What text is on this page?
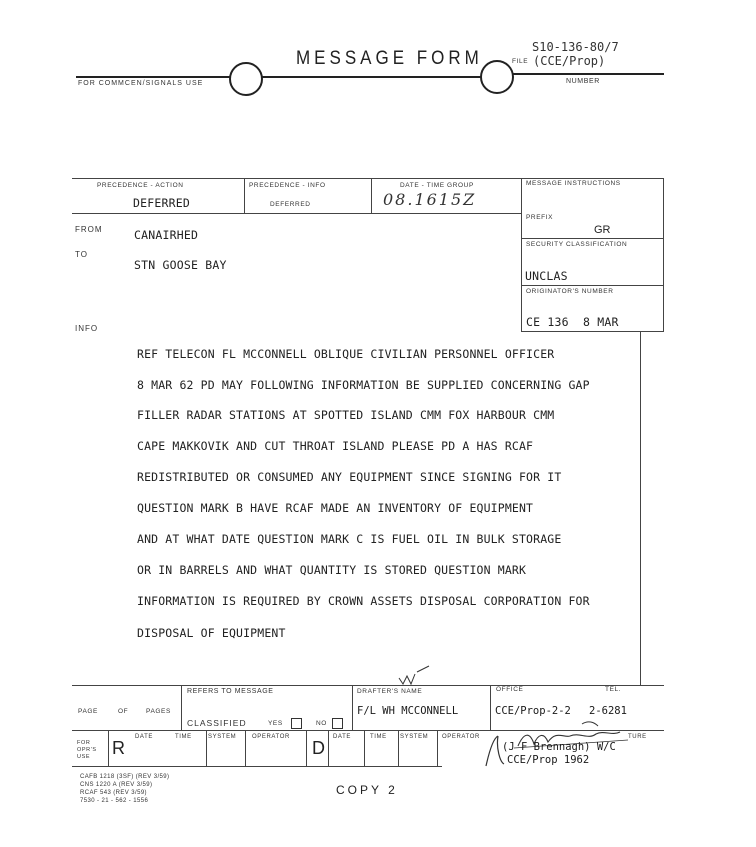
MESSAGE FORM
FOR COMMCEN/SIGNALS USE
S10-136-80/7
FILE (CCE/Prop)
NUMBER
PRECEDENCE - ACTION
DEFERRED
PRECEDENCE - INFO
DEFERRED
DATE - TIME GROUP
08.1615Z
MESSAGE INSTRUCTIONS
FROM	CANAIRHED
TO
STN GOOSE BAY
INFO
PREFIX
GR
SECURITY CLASSIFICATION
UNCLAS
ORIGINATOR'S NUMBER
CE 136  8 MAR
REF TELECON FL MCCONNELL OBLIQUE CIVILIAN PERSONNEL OFFICER
8 MAR 62 PD MAY FOLLOWING INFORMATION BE SUPPLIED CONCERNING GAP
FILLER RADAR STATIONS AT SPOTTED ISLAND CMM FOX HARBOUR CMM
CAPE MAKKOVIK AND CUT THROAT ISLAND PLEASE PD A HAS RCAF
REDISTRIBUTED OR CONSUMED ANY EQUIPMENT SINCE SIGNING FOR IT
QUESTION MARK B HAVE RCAF MADE AN INVENTORY OF EQUIPMENT
AND AT WHAT DATE QUESTION MARK C IS FUEL OIL IN BULK STORAGE
OR IN BARRELS AND WHAT QUANTITY IS STORED QUESTION MARK
INFORMATION IS REQUIRED BY CROWN ASSETS DISPOSAL CORPORATION FOR
DISPOSAL OF EQUIPMENT
REFERS TO MESSAGE
PAGE	OF	PAGES
CLASSIFIED	YES	NO
DRAFTER'S NAME
F/L WH MCCONNELL
OFFICE
CCE/Prop-2-2
TEL.
2-6281
FOR OPR'S USE	R
DATE	TIME	SYSTEM	OPERATOR
D
DATE	TIME SYSTEM OPERATOR	TURE
(J F Brennagh) W/C
CCE/Prop 1962
CAFB 1218 (3SF) (REV 3/59)
CNS 1220 A (REV 3/59)
RCAF 543 (REV 3/59)
7530 - 21 - 562 - 1556
COPY 2
